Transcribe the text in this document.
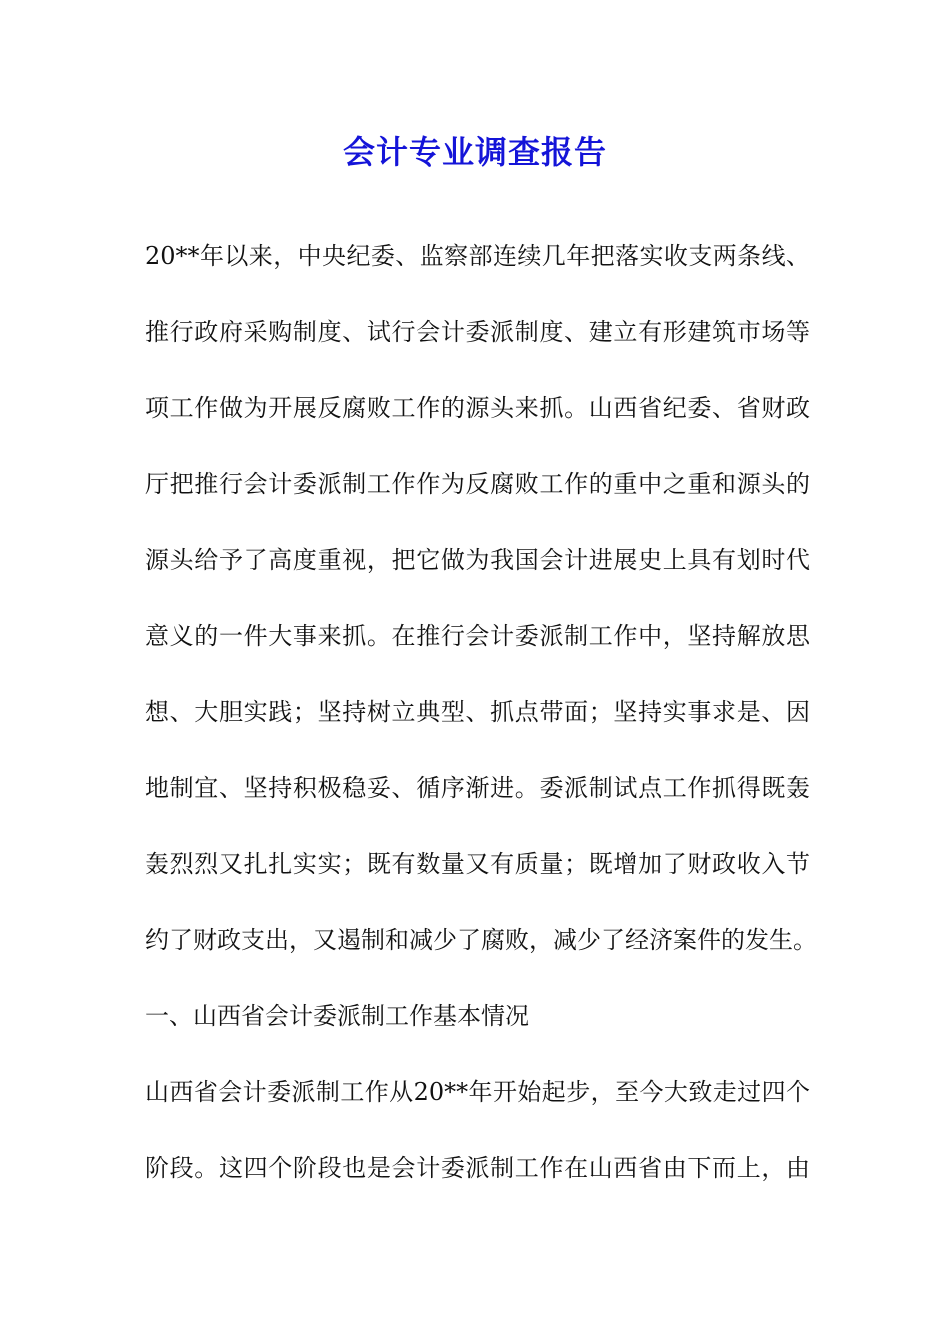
会计专业调查报告

20**年以来，中央纪委、监察部连续几年把落实收支两条线、

推行政府采购制度、试行会计委派制度、建立有形建筑市场等

项工作做为开展反腐败工作的源头来抓。山西省纪委、省财政

厅把推行会计委派制工作作为反腐败工作的重中之重和源头的

源头给予了高度重视，把它做为我国会计进展史上具有划时代

意义的一件大事来抓。在推行会计委派制工作中，坚持解放思

想、大胆实践；坚持树立典型、抓点带面；坚持实事求是、因

地制宜、坚持积极稳妥、循序渐进。委派制试点工作抓得既轰

轰烈烈又扎扎实实；既有数量又有质量；既增加了财政收入节

约了财政支出，又遏制和减少了腐败，减少了经济案件的发生。

一、山西省会计委派制工作基本情况

山西省会计委派制工作从20**年开始起步，至今大致走过四个

阶段。这四个阶段也是会计委派制工作在山西省由下而上，由
